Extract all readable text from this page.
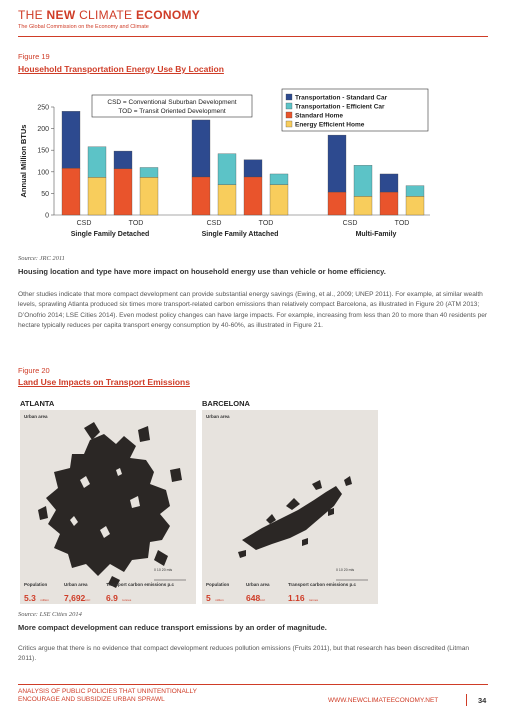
THE NEW CLIMATE ECONOMY
The Global Commission on the Economy and Climate
Figure 19
Household Transportation Energy Use By Location
0
50
100
150
200
250
Annual Million BTUs
CSD	TOD
Single Family Detached
CSD	TOD
Single Family Attached
CSD	TOD
Multi-Family
CSD = Conventional Suburban Development
TOD = Transit Oriented Development
Transportation - Standard Car
Transportation - Efficient Car
Standard Home
Energy Efficient Home
Source: JRC 2011
Housing location and type have more impact on household energy use than vehicle or home efficiency.
Other studies indicate that more compact development can provide substantial energy savings (Ewing, et al., 2009; UNEP 2011). For example, at similar wealth levels, sprawling Atlanta produced six times more transport-related carbon emissions than relatively compact Barcelona, as illustrated in Figure 20 (ATM 2013; D’Onofrio 2014; LSE Cities 2014). Even modest policy changes can have large impacts. For example, increasing from less than 20 to more than 40 residents per hectare typically reduces per capita transport energy consumption by 40-60%, as illustrated in Figure 21.
Figure 20
Land Use Impacts on Transport Emissions
ATLANTA	BARCELONA
Urban area
0 10 20 mls
Population
5.3 million
Urban area
7,692km²
Transport carbon emissions p.c
6.9 tonnes
Urban area
0 10 20 mls
Population
5 million
Urban area
648km²
Transport carbon emissions p.c
1.16 tonnes
Source: LSE Cities 2014
More compact development can reduce transport emissions by an order of magnitude.
Critics argue that there is no evidence that compact development reduces pollution emissions (Fruits 2011), but that research has been discredited (Litman 2011).
ANALYSIS OF PUBLIC POLICIES THAT UNINTENTIONALLY
ENCOURAGE AND SUBSIDIZE URBAN SPRAWL	WWW.NEWCLIMATEECONOMY.NET	34
